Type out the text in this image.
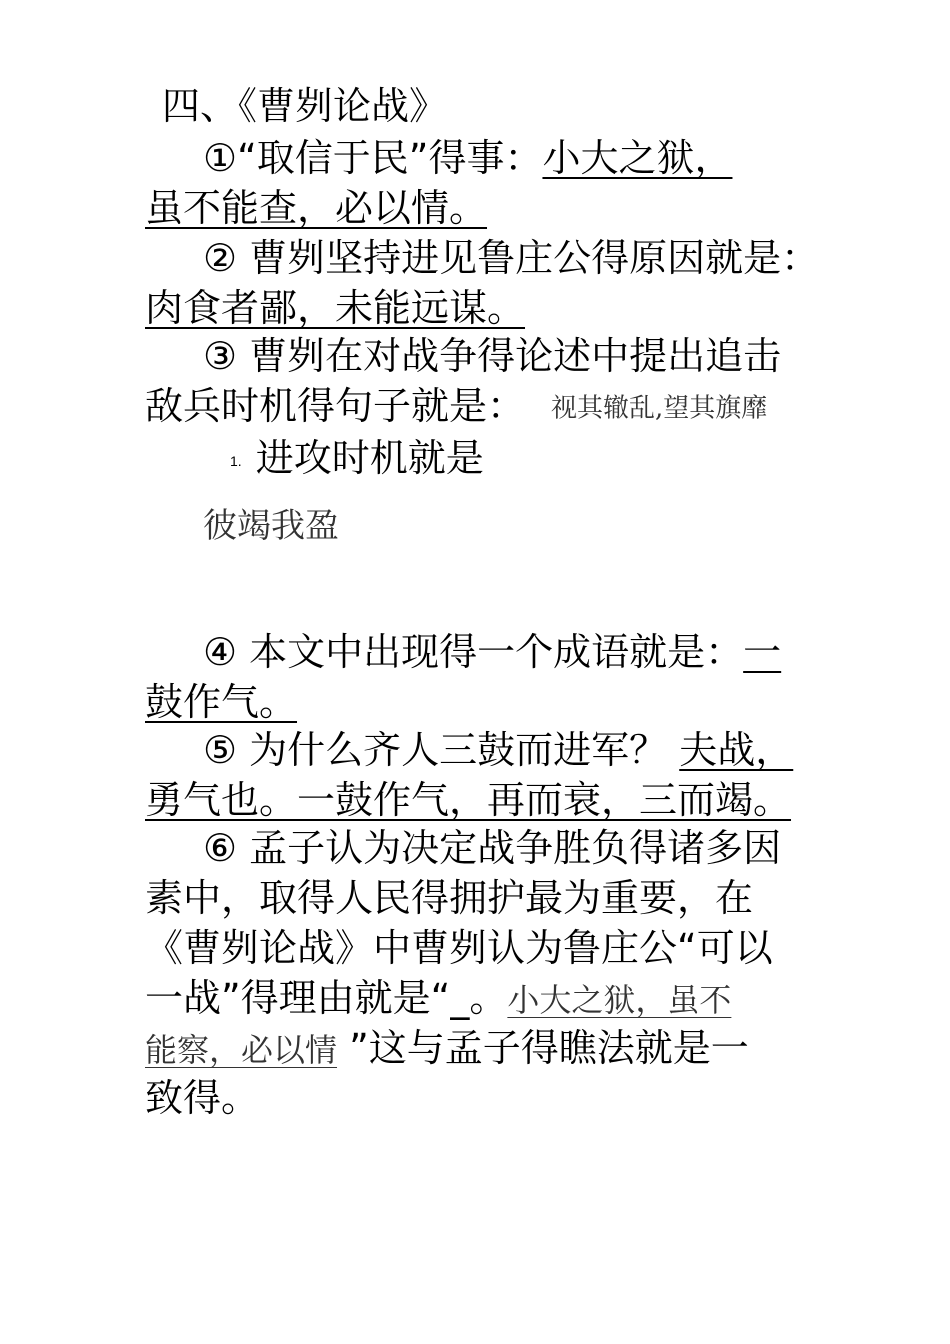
四、《曹刿论战》
①“取信于民”得事：小大之狱，
虽不能查，必以情。
② 曹刿坚持进见鲁庄公得原因就是：
肉食者鄙，未能远谋。
③ 曹刿在对战争得论述中提出追击
敌兵时机得句子就是： 视其辙乱,望其旗靡
1. 进攻时机就是
彼竭我盈
④ 本文中出现得一个成语就是：一
鼓作气。
⑤ 为什么齐人三鼓而进军？ 夫战，
勇气也。一鼓作气，再而衰，三而竭。
⑥ 孟子认为决定战争胜负得诸多因
素中，取得人民得拥护最为重要，在
《曹刿论战》中曹刿认为鲁庄公“可以
一战”得理由就是“_。小大之狱，虽不
能察，必以情 ”这与孟子得瞧法就是一
致得。
